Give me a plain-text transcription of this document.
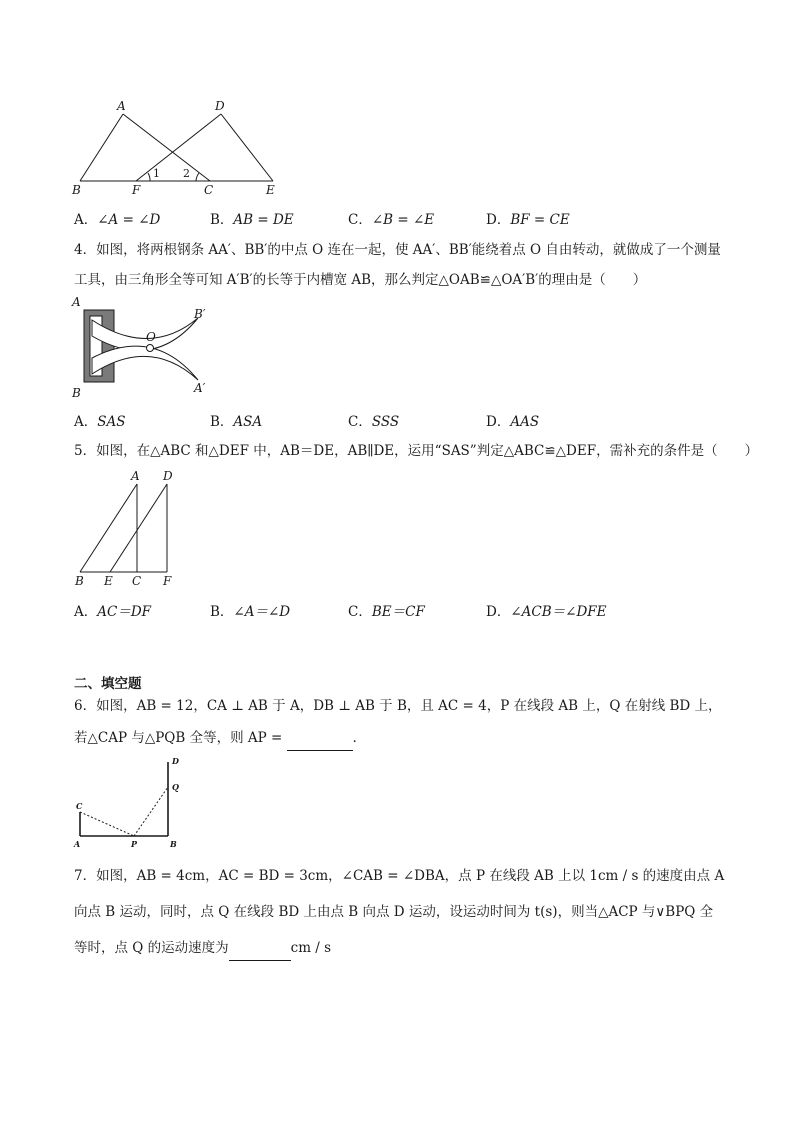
A	D
B	F	C	E
1 2
A．∠A = ∠D	B．AB = DE	C．∠B = ∠E	D．BF = CE
4．如图，将两根钢条 AA′、BB′的中点 O 连在一起，使 AA′、BB′能绕着点 O 自由转动，就做成了一个测量
工具，由三角形全等可知 A′B′的长等于内槽宽 AB，那么判定△OAB≌△OA′B′的理由是（　　）
A
B
O
B′
A′
A．SAS	B．ASA	C．SSS	D．AAS
5．如图，在△ABC 和△DEF 中，AB＝DE，AB∥DE，运用“SAS”判定△ABC≌△DEF，需补充的条件是（　　）
A D
B E C F
A．AC＝DF	B．∠A＝∠D	C．BE＝CF	D．∠ACB＝∠DFE
二、填空题
6．如图，AB = 12，CA ⊥ AB 于 A，DB ⊥ AB 于 B，且 AC = 4，P 在线段 AB 上，Q 在射线 BD 上，
若△CAP 与△PQB 全等，则 AP =	．
C
A	P	B
D
Q
7．如图，AB = 4cm，AC = BD = 3cm，∠CAB = ∠DBA，点 P 在线段 AB 上以 1cm / s 的速度由点 A
向点 B 运动，同时，点 Q 在线段 BD 上由点 B 向点 D 运动，设运动时间为 t(s)，则当△ACP 与∨BPQ 全
等时，点 Q 的运动速度为	cm / s
